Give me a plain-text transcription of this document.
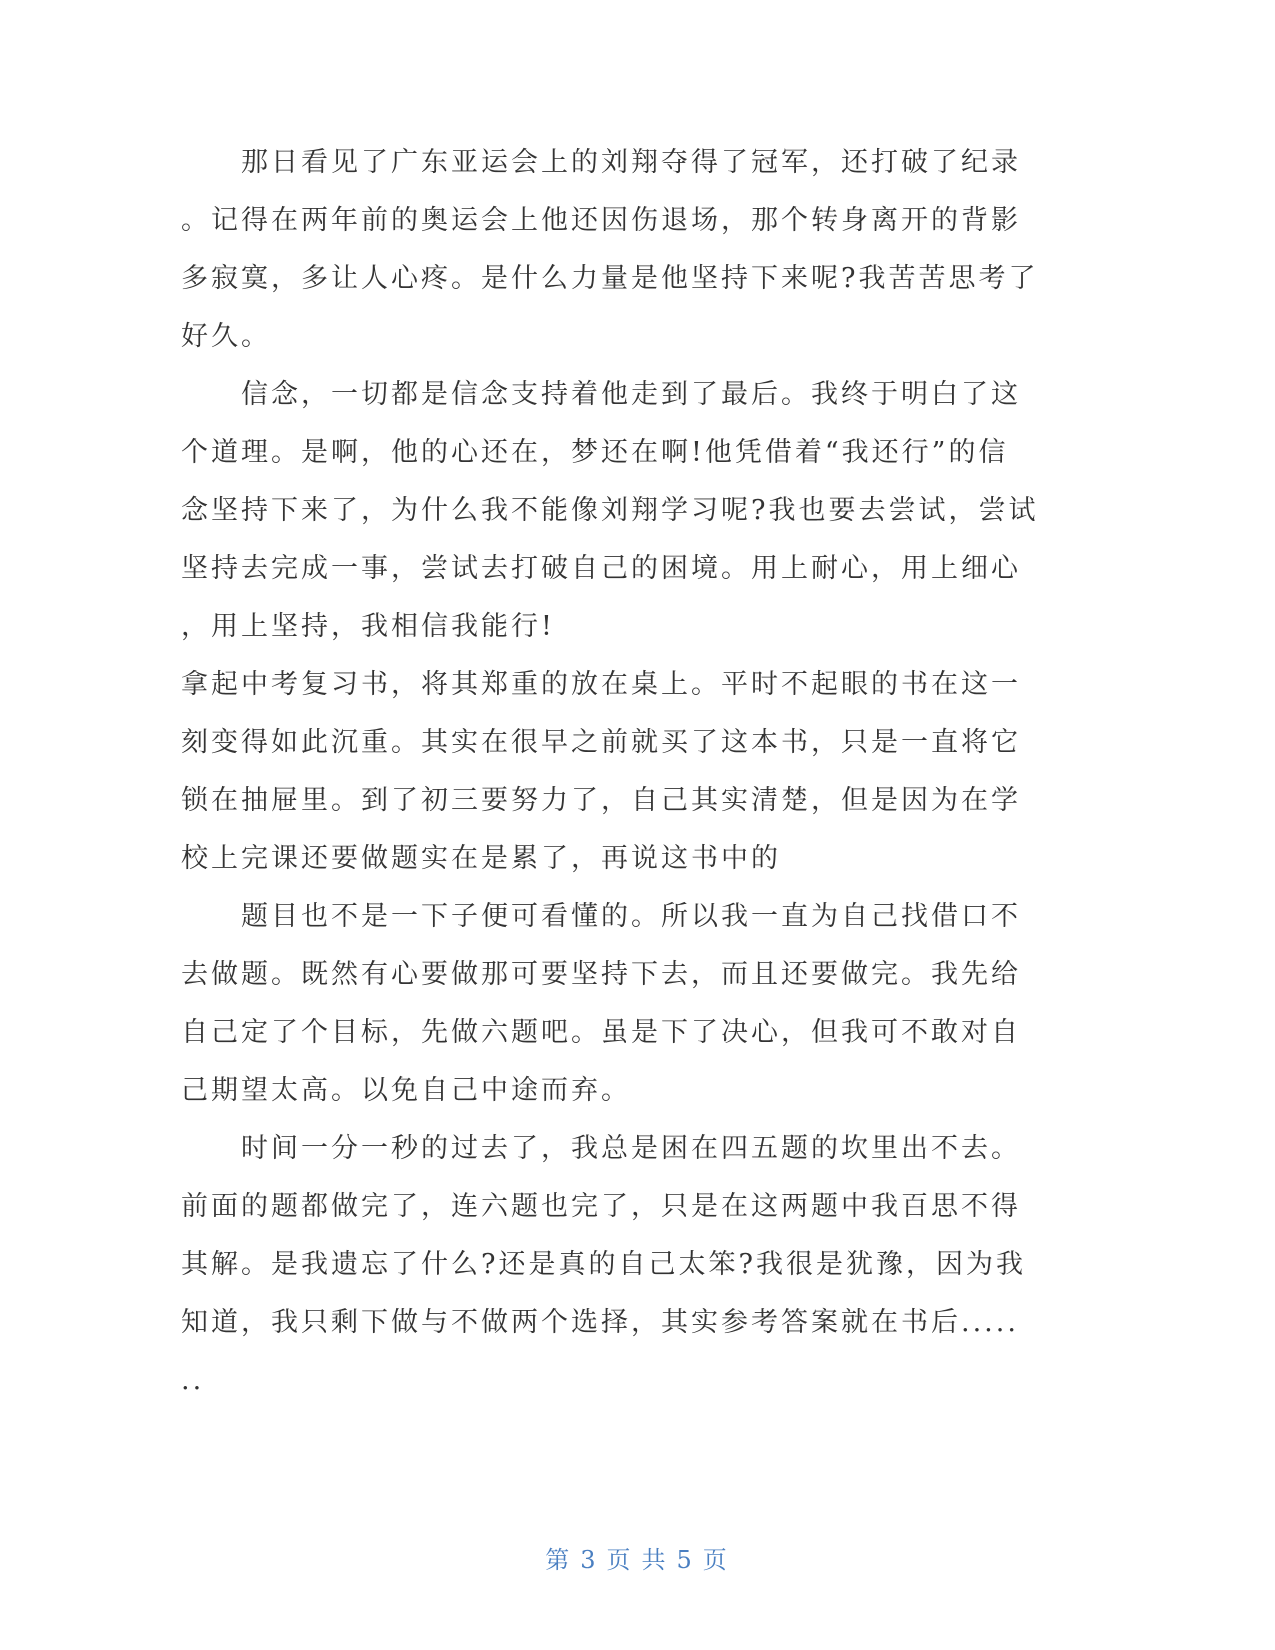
那日看见了广东亚运会上的刘翔夺得了冠军，还打破了纪录
。记得在两年前的奥运会上他还因伤退场，那个转身离开的背影
多寂寞，多让人心疼。是什么力量是他坚持下来呢?我苦苦思考了
好久。
信念，一切都是信念支持着他走到了最后。我终于明白了这
个道理。是啊，他的心还在，梦还在啊!他凭借着“我还行”的信
念坚持下来了，为什么我不能像刘翔学习呢?我也要去尝试，尝试
坚持去完成一事，尝试去打破自己的困境。用上耐心，用上细心
，用上坚持，我相信我能行!
拿起中考复习书，将其郑重的放在桌上。平时不起眼的书在这一
刻变得如此沉重。其实在很早之前就买了这本书，只是一直将它
锁在抽屉里。到了初三要努力了，自己其实清楚，但是因为在学
校上完课还要做题实在是累了，再说这书中的
题目也不是一下子便可看懂的。所以我一直为自己找借口不
去做题。既然有心要做那可要坚持下去，而且还要做完。我先给
自己定了个目标，先做六题吧。虽是下了决心，但我可不敢对自
己期望太高。以免自己中途而弃。
时间一分一秒的过去了，我总是困在四五题的坎里出不去。
前面的题都做完了，连六题也完了，只是在这两题中我百思不得
其解。是我遗忘了什么?还是真的自己太笨?我很是犹豫，因为我
知道，我只剩下做与不做两个选择，其实参考答案就在书后.....
..
第 3 页 共 5 页
